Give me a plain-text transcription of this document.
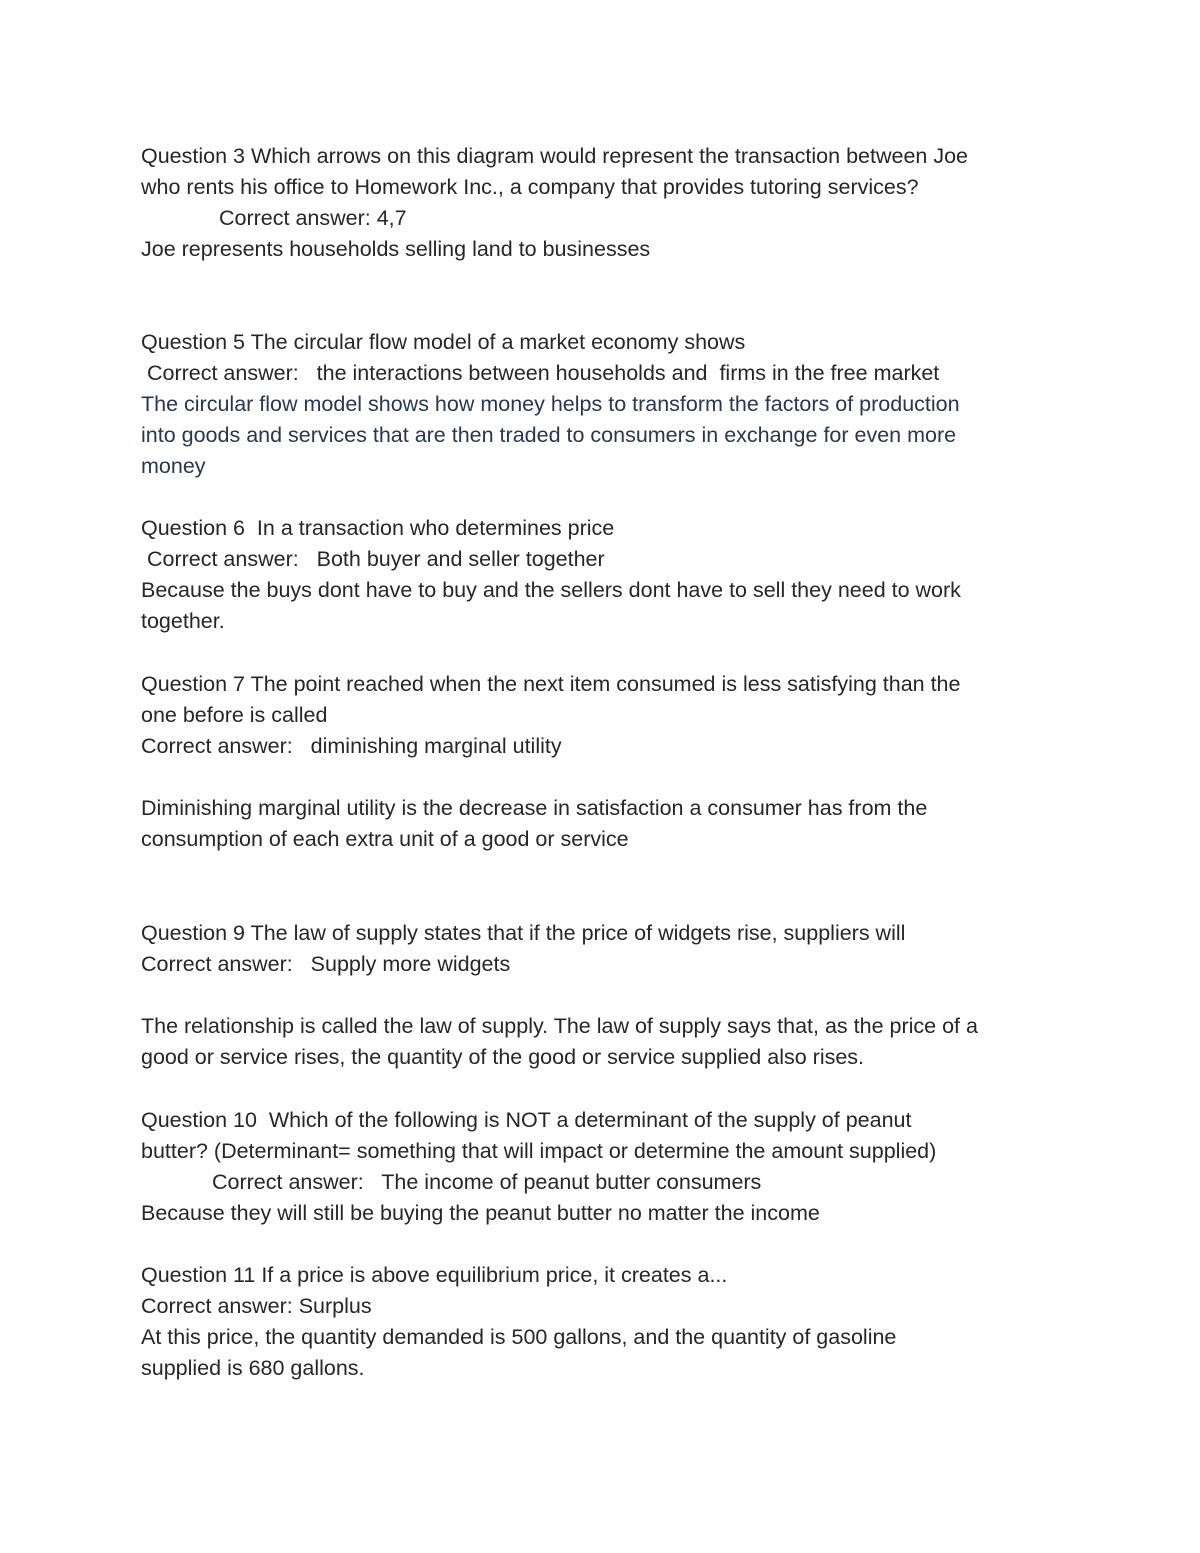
Question 3 Which arrows on this diagram would represent the transaction between Joe
who rents his office to Homework Inc., a company that provides tutoring services?
Correct answer: 4,7
Joe represents households selling land to businesses
Question 5 The circular flow model of a market economy shows
Correct answer:   the interactions between households and  firms in the free market
The circular flow model shows how money helps to transform the factors of production
into goods and services that are then traded to consumers in exchange for even more
money
Question 6  In a transaction who determines price
Correct answer:   Both buyer and seller together
Because the buys dont have to buy and the sellers dont have to sell they need to work
together.
Question 7 The point reached when the next item consumed is less satisfying than the
one before is called
Correct answer:   diminishing marginal utility
Diminishing marginal utility is the decrease in satisfaction a consumer has from the
consumption of each extra unit of a good or service
Question 9 The law of supply states that if the price of widgets rise, suppliers will
Correct answer:   Supply more widgets
The relationship is called the law of supply. The law of supply says that, as the price of a
good or service rises, the quantity of the good or service supplied also rises.
Question 10  Which of the following is NOT a determinant of the supply of peanut
butter? (Determinant= something that will impact or determine the amount supplied)
Correct answer:   The income of peanut butter consumers
Because they will still be buying the peanut butter no matter the income
Question 11 If a price is above equilibrium price, it creates a...
Correct answer: Surplus
At this price, the quantity demanded is 500 gallons, and the quantity of gasoline
supplied is 680 gallons.
